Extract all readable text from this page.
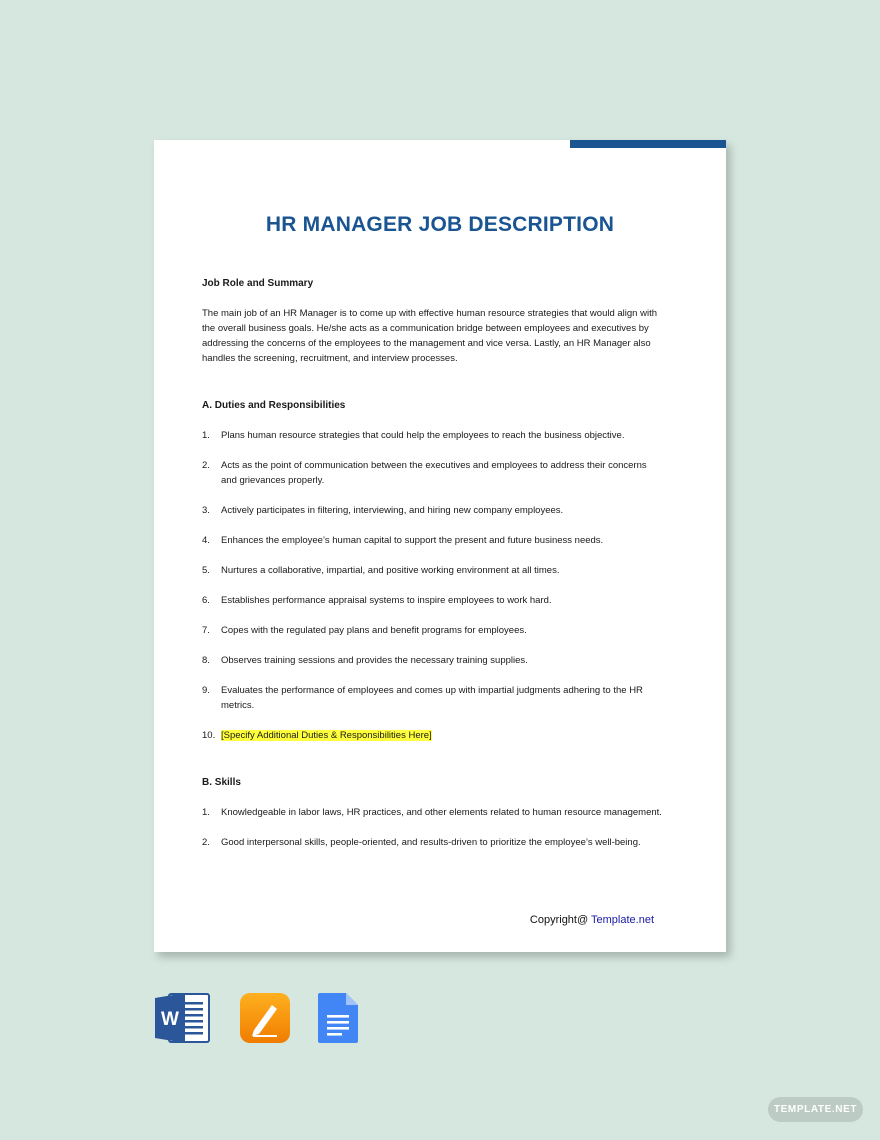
HR MANAGER JOB DESCRIPTION

Job Role and Summary

The main job of an HR Manager is to come up with effective human resource strategies that would align with the overall business goals. He/she acts as a communication bridge between employees and executives by addressing the concerns of the employees to the management and vice versa. Lastly, an HR Manager also handles the screening, recruitment, and interview processes.

A. Duties and Responsibilities

1.	Plans human resource strategies that could help the employees to reach the business objective.
2.	Acts as the point of communication between the executives and employees to address their concerns and grievances properly.
3.	Actively participates in filtering, interviewing, and hiring new company employees.
4.	Enhances the employee’s human capital to support the present and future business needs.
5.	Nurtures a collaborative, impartial, and positive working environment at all times.
6.	Establishes performance appraisal systems to inspire employees to work hard.
7.	Copes with the regulated pay plans and benefit programs for employees.
8.	Observes training sessions and provides the necessary training supplies.
9.	Evaluates the performance of employees and comes up with impartial judgments adhering to the HR metrics.
10. [Specify Additional Duties & Responsibilities Here]

B. Skills

1.	Knowledgeable in labor laws, HR practices, and other elements related to human resource management.
2.	Good interpersonal skills, people-oriented, and results-driven to prioritize the employee’s well-being.
Copyright@ Template.net
W
TEMPLATE.NET
